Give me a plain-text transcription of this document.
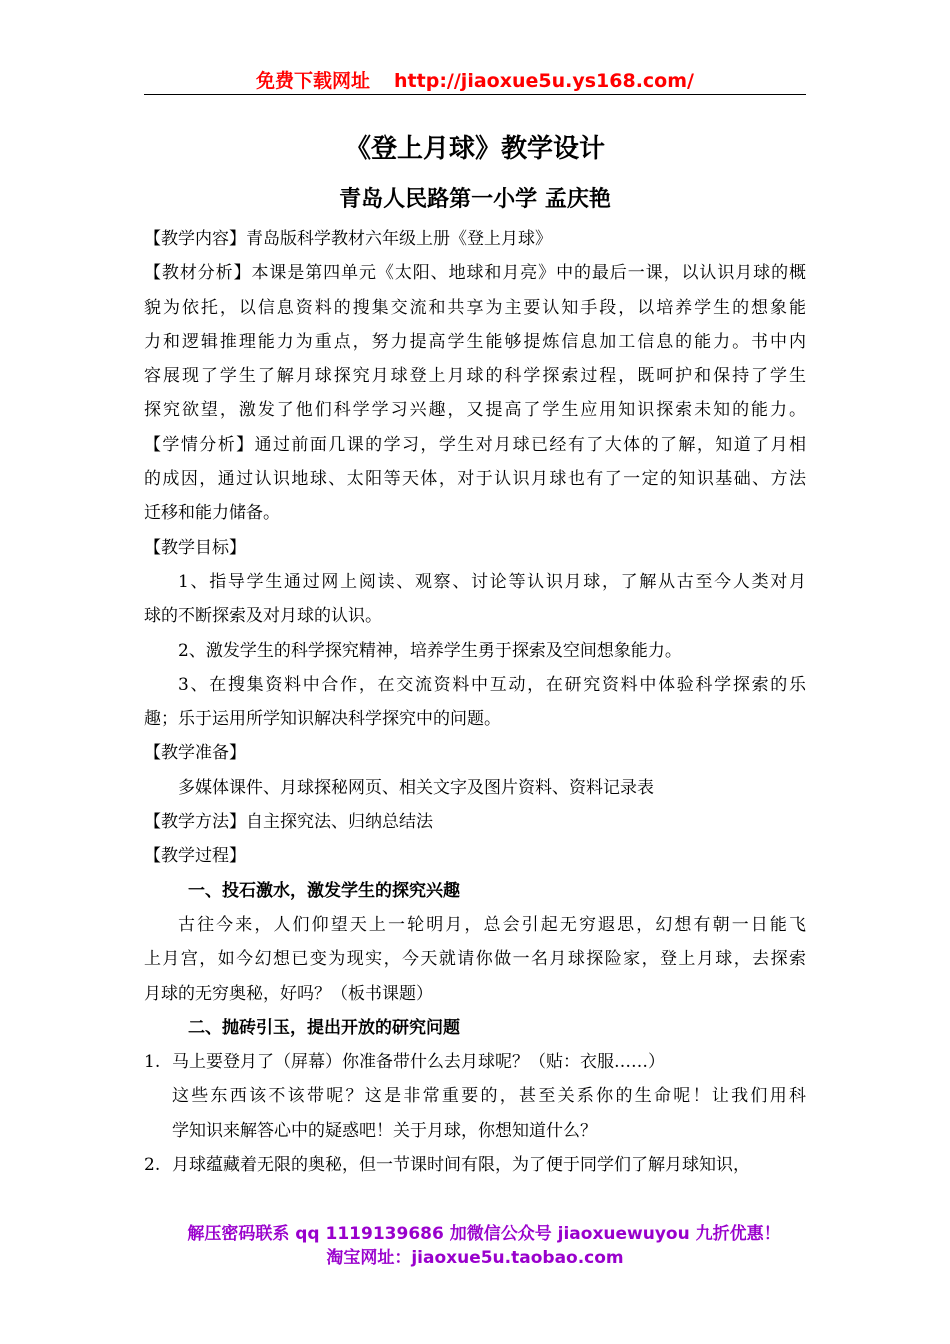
免费下载网址 http://jiaoxue5u.ys168.com/
《登上月球》教学设计
青岛人民路第一小学 孟庆艳
【教学内容】青岛版科学教材六年级上册《登上月球》
【教材分析】本课是第四单元《太阳、地球和月亮》中的最后一课，以认识月球的概
貌为依托，以信息资料的搜集交流和共享为主要认知手段，以培养学生的想象能
力和逻辑推理能力为重点，努力提高学生能够提炼信息加工信息的能力。书中内
容展现了学生了解月球探究月球登上月球的科学探索过程，既呵护和保持了学生
探究欲望，激发了他们科学学习兴趣，又提高了学生应用知识探索未知的能力。
【学情分析】通过前面几课的学习，学生对月球已经有了大体的了解，知道了月相
的成因，通过认识地球、太阳等天体，对于认识月球也有了一定的知识基础、方法
迁移和能力储备。
【教学目标】
1、指导学生通过网上阅读、观察、讨论等认识月球，了解从古至今人类对月
球的不断探索及对月球的认识。
2、激发学生的科学探究精神，培养学生勇于探索及空间想象能力。
3、在搜集资料中合作，在交流资料中互动，在研究资料中体验科学探索的乐
趣；乐于运用所学知识解决科学探究中的问题。
【教学准备】
多媒体课件、月球探秘网页、相关文字及图片资料、资料记录表
【教学方法】自主探究法、归纳总结法
【教学过程】
一、投石激水，激发学生的探究兴趣
古往今来，人们仰望天上一轮明月，总会引起无穷遐思，幻想有朝一日能飞
上月宫，如今幻想已变为现实，今天就请你做一名月球探险家，登上月球，去探索
月球的无穷奥秘，好吗？（板书课题）
二、抛砖引玉，提出开放的研究问题
1. 马上要登月了（屏幕）你准备带什么去月球呢？（贴：衣服……）
这些东西该不该带呢？这是非常重要的，甚至关系你的生命呢！让我们用科
学知识来解答心中的疑惑吧！关于月球，你想知道什么？
2. 月球蕴藏着无限的奥秘，但一节课时间有限，为了便于同学们了解月球知识，
解压密码联系 qq 1119139686 加微信公众号 jiaoxuewuyou 九折优惠！
淘宝网址：jiaoxue5u.taobao.com
